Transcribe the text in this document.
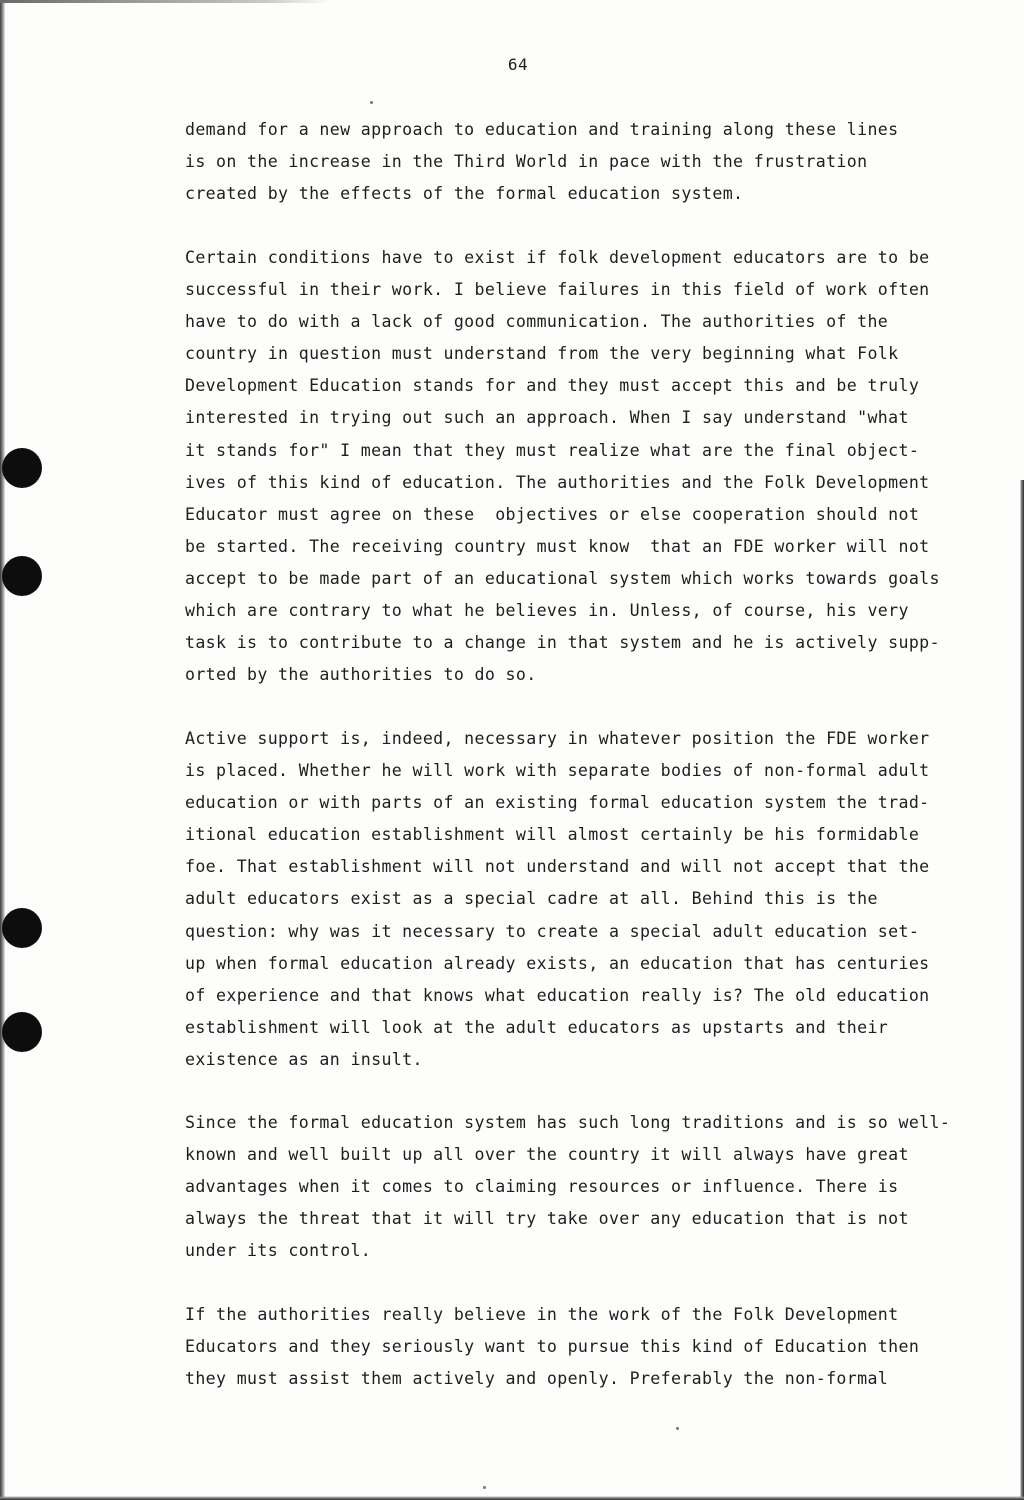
64
demand for a new approach to education and training along these lines
is on the increase in the Third World in pace with the frustration
created by the effects of the formal education system.
Certain conditions have to exist if folk development educators are to be
successful in their work. I believe failures in this field of work often
have to do with a lack of good communication. The authorities of the
country in question must understand from the very beginning what Folk
Development Education stands for and they must accept this and be truly
interested in trying out such an approach. When I say understand "what
it stands for" I mean that they must realize what are the final object-
ives of this kind of education. The authorities and the Folk Development
Educator must agree on these  objectives or else cooperation should not
be started. The receiving country must know  that an FDE worker will not
accept to be made part of an educational system which works towards goals
which are contrary to what he believes in. Unless, of course, his very
task is to contribute to a change in that system and he is actively supp-
orted by the authorities to do so.
Active support is, indeed, necessary in whatever position the FDE worker
is placed. Whether he will work with separate bodies of non-formal adult
education or with parts of an existing formal education system the trad-
itional education establishment will almost certainly be his formidable
foe. That establishment will not understand and will not accept that the
adult educators exist as a special cadre at all. Behind this is the
question: why was it necessary to create a special adult education set-
up when formal education already exists, an education that has centuries
of experience and that knows what education really is? The old education
establishment will look at the adult educators as upstarts and their
existence as an insult.
Since the formal education system has such long traditions and is so well-
known and well built up all over the country it will always have great
advantages when it comes to claiming resources or influence. There is
always the threat that it will try take over any education that is not
under its control.
If the authorities really believe in the work of the Folk Development
Educators and they seriously want to pursue this kind of Education then
they must assist them actively and openly. Preferably the non-formal
